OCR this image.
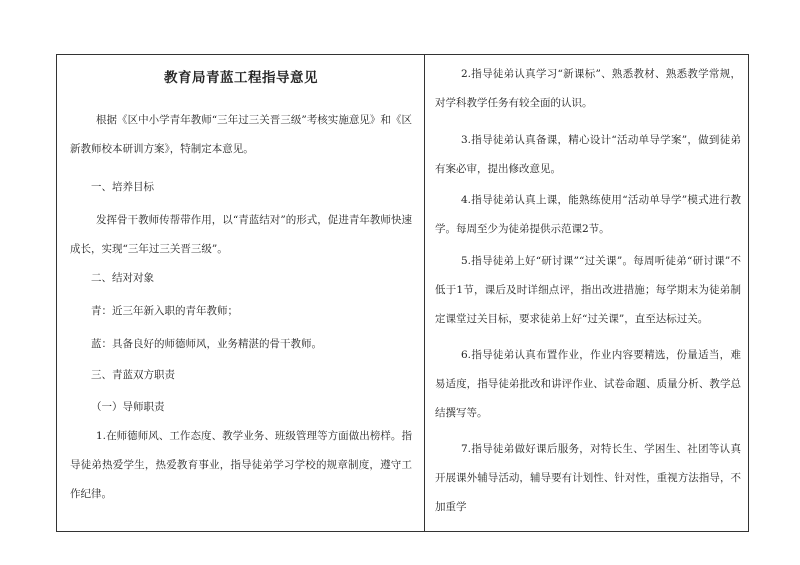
教育局青蓝工程指导意见

根据《区中小学青年教师“三年过三关晋三级”考核实施意见》和《区新教师校本研训方案》，特制定本意见。

一、培养目标

发挥骨干教师传帮带作用，以“青蓝结对”的形式，促进青年教师快速成长，实现“三年过三关晋三级”。

二、结对对象

青：近三年新入职的青年教师；

蓝：具备良好的师德师风，业务精湛的骨干教师。

三、青蓝双方职责

（一）导师职责

1.在师德师风、工作态度、教学业务、班级管理等方面做出榜样。指导徒弟热爱学生，热爱教育事业，指导徒弟学习学校的规章制度，遵守工作纪律。

2.指导徒弟认真学习“新课标”、熟悉教材、熟悉教学常规，对学科教学任务有较全面的认识。

3.指导徒弟认真备课，精心设计“活动单导学案”，做到徒弟有案必审，提出修改意见。

4.指导徒弟认真上课，能熟练使用“活动单导学”模式进行教学。每周至少为徒弟提供示范课2节。

5.指导徒弟上好“研讨课”“过关课”。每周听徒弟“研讨课”不低于1节，课后及时详细点评，指出改进措施；每学期末为徒弟制定课堂过关目标，要求徒弟上好“过关课”，直至达标过关。

6.指导徒弟认真布置作业，作业内容要精选，份量适当，难易适度，指导徒弟批改和讲评作业、试卷命题、质量分析、教学总结撰写等。

7.指导徒弟做好课后服务，对特长生、学困生、社团等认真开展课外辅导活动，辅导要有计划性、针对性，重视方法指导，不加重学
